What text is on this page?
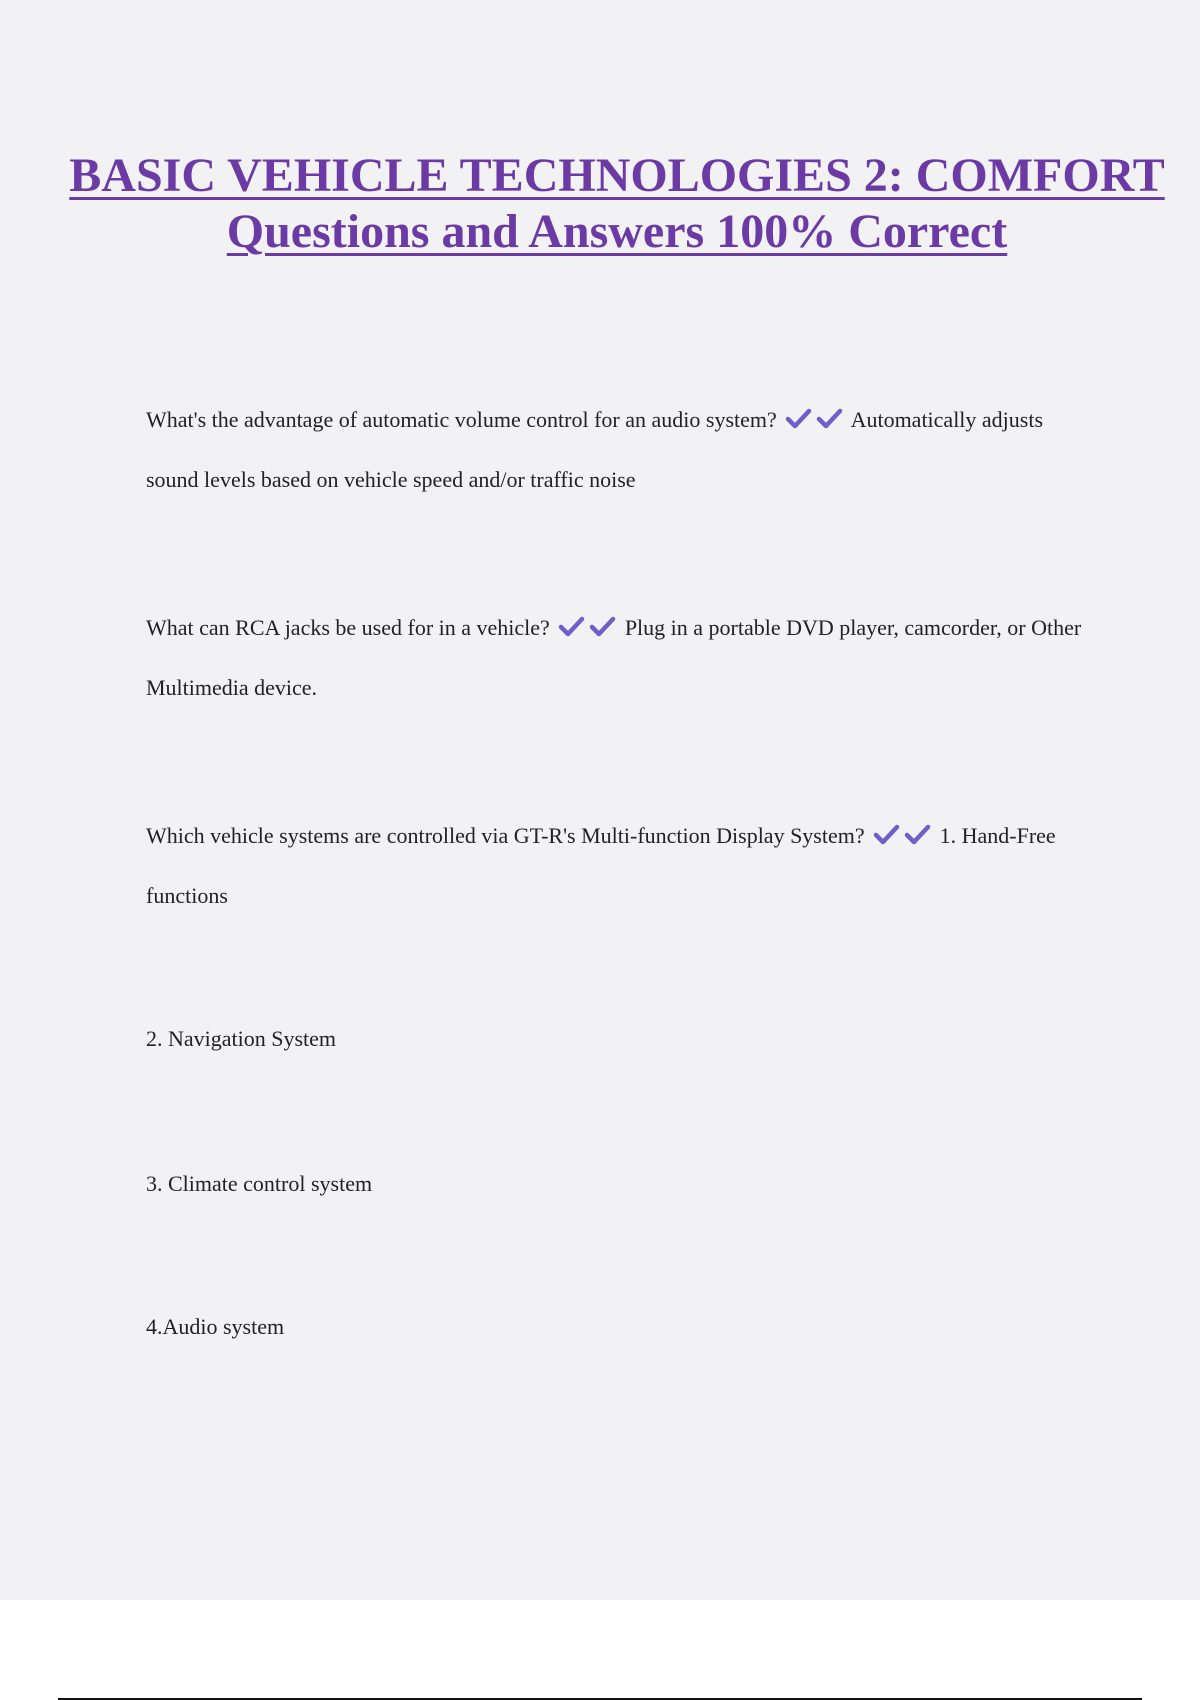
BASIC VEHICLE TECHNOLOGIES 2: COMFORT Questions and Answers 100% Correct

What's the advantage of automatic volume control for an audio system?	Automatically adjusts sound levels based on vehicle speed and/or traffic noise

What can RCA jacks be used for in a vehicle?	Plug in a portable DVD player, camcorder, or Other Multimedia device.

Which vehicle systems are controlled via GT-R's Multi-function Display System?	1. Hand-Free functions

2. Navigation System

3. Climate control system

4.Audio system
